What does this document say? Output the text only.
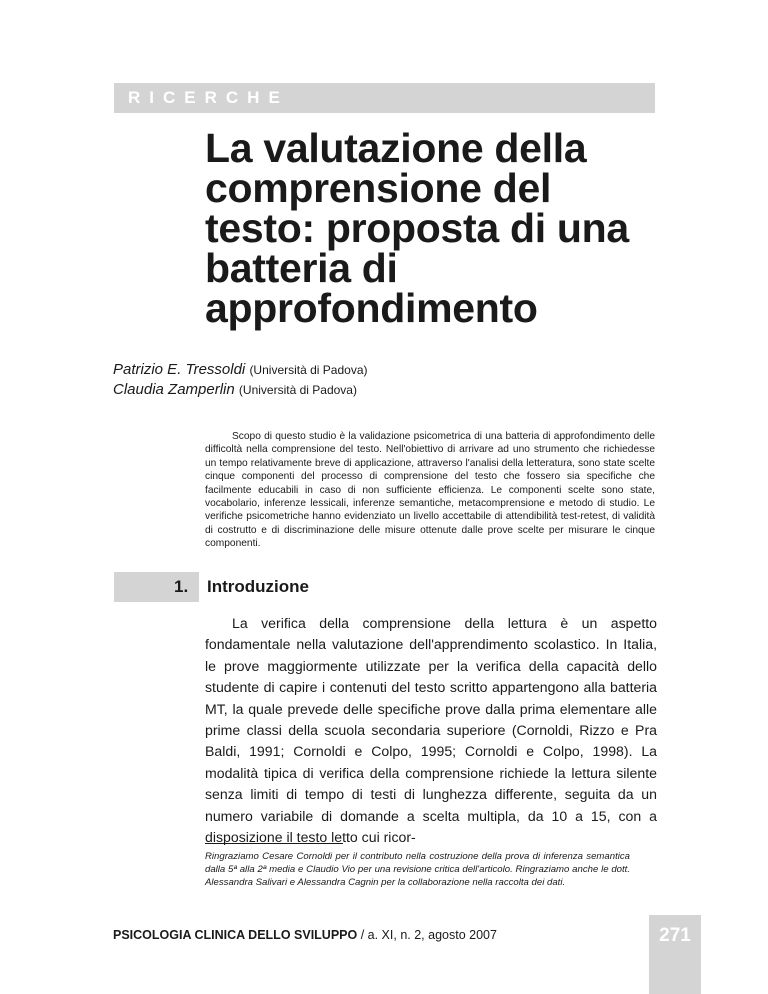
RICERCHE
La valutazione della comprensione del testo: proposta di una batteria di approfondimento
Patrizio E. Tressoldi (Università di Padova)
Claudia Zamperlin (Università di Padova)

Scopo di questo studio è la validazione psicometrica di una batteria di approfondimento delle difficoltà nella comprensione del testo. Nell'obiettivo di arrivare ad uno strumento che richiedesse un tempo relativamente breve di applicazione, attraverso l'analisi della letteratura, sono state scelte cinque componenti del processo di comprensione del testo che fossero sia specifiche che facilmente educabili in caso di non sufficiente efficienza. Le componenti scelte sono state, vocabolario, inferenze lessicali, inferenze semantiche, metacomprensione e metodo di studio. Le verifiche psicometriche hanno evidenziato un livello accettabile di attendibilità test-retest, di validità di costrutto e di discriminazione delle misure ottenute dalle prove scelte per misurare le cinque componenti.

1. Introduzione

La verifica della comprensione della lettura è un aspetto fondamentale nella valutazione dell'apprendimento scolastico. In Italia, le prove maggiormente utilizzate per la verifica della capacità dello studente di capire i contenuti del testo scritto appartengono alla batteria MT, la quale prevede delle specifiche prove dalla prima elementare alle prime classi della scuola secondaria superiore (Cornoldi, Rizzo e Pra Baldi, 1991; Cornoldi e Colpo, 1995; Cornoldi e Colpo, 1998). La modalità tipica di verifica della comprensione richiede la lettura silente senza limiti di tempo di testi di lunghezza differente, seguita da un numero variabile di domande a scelta multipla, da 10 a 15, con a disposizione il testo letto cui ricor-

Ringraziamo Cesare Cornoldi per il contributo nella costruzione della prova di inferenza semantica dalla 5ª alla 2ª media e Claudio Vio per una revisione critica dell'articolo. Ringraziamo anche le dott. Alessandra Salivari e Alessandra Cagnin per la collaborazione nella raccolta dei dati.

PSICOLOGIA CLINICA DELLO SVILUPPO / a. XI, n. 2, agosto 2007	271
